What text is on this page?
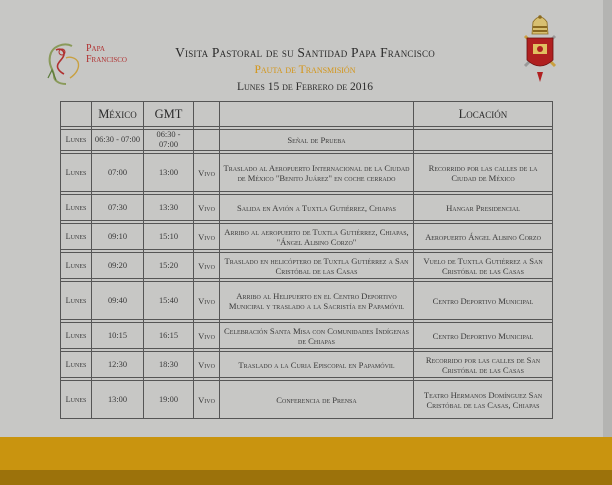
Papa
Francisco	Visita Pastoral de su Santidad Papa Francisco
Pauta de Transmisión
Lunes 15 de Febrero de 2016
	México	GMT			Locación

Lunes	06:30 - 07:00	06:30 - 07:00		Señal de Prueba	

Lunes	07:00	13:00	Vivo	Traslado al Aeropuerto Internacional de la Ciudad de México "Benito Juárez" en coche cerrado	Recorrido por las calles de la Ciudad de México

Lunes	07:30	13:30	Vivo	Salida en Avión a Tuxtla Gutiérrez, Chiapas	Hangar Presidencial

Lunes	09:10	15:10	Vivo	Arribo al aeropuerto de Tuxtla Gutiérrez, Chiapas, "Ángel Albino Corzo"	Aeropuerto Ángel Albino Corzo

Lunes	09:20	15:20	Vivo	Traslado en helicóptero de Tuxtla Gutiérrez a San Cristóbal de las Casas	Vuelo de Tuxtla Gutiérrez a San Cristóbal de las Casas

Lunes	09:40	15:40	Vivo	Arribo al Helipuerto en el Centro Deportivo Municipal y traslado a la Sacristía en Papamóvil	Centro Deportivo Municipal

Lunes	10:15	16:15	Vivo	Celebración Santa Misa con Comunidades Indígenas de Chiapas	Centro Deportivo Municipal

Lunes	12:30	18:30	Vivo	Traslado a la Curia Episcopal en Papamóvil	Recorrido por las calles de San Cristóbal de las Casas

Lunes	13:00	19:00	Vivo	Conferencia de Prensa	Teatro Hermanos Domínguez San Cristóbal de las Casas, Chiapas
